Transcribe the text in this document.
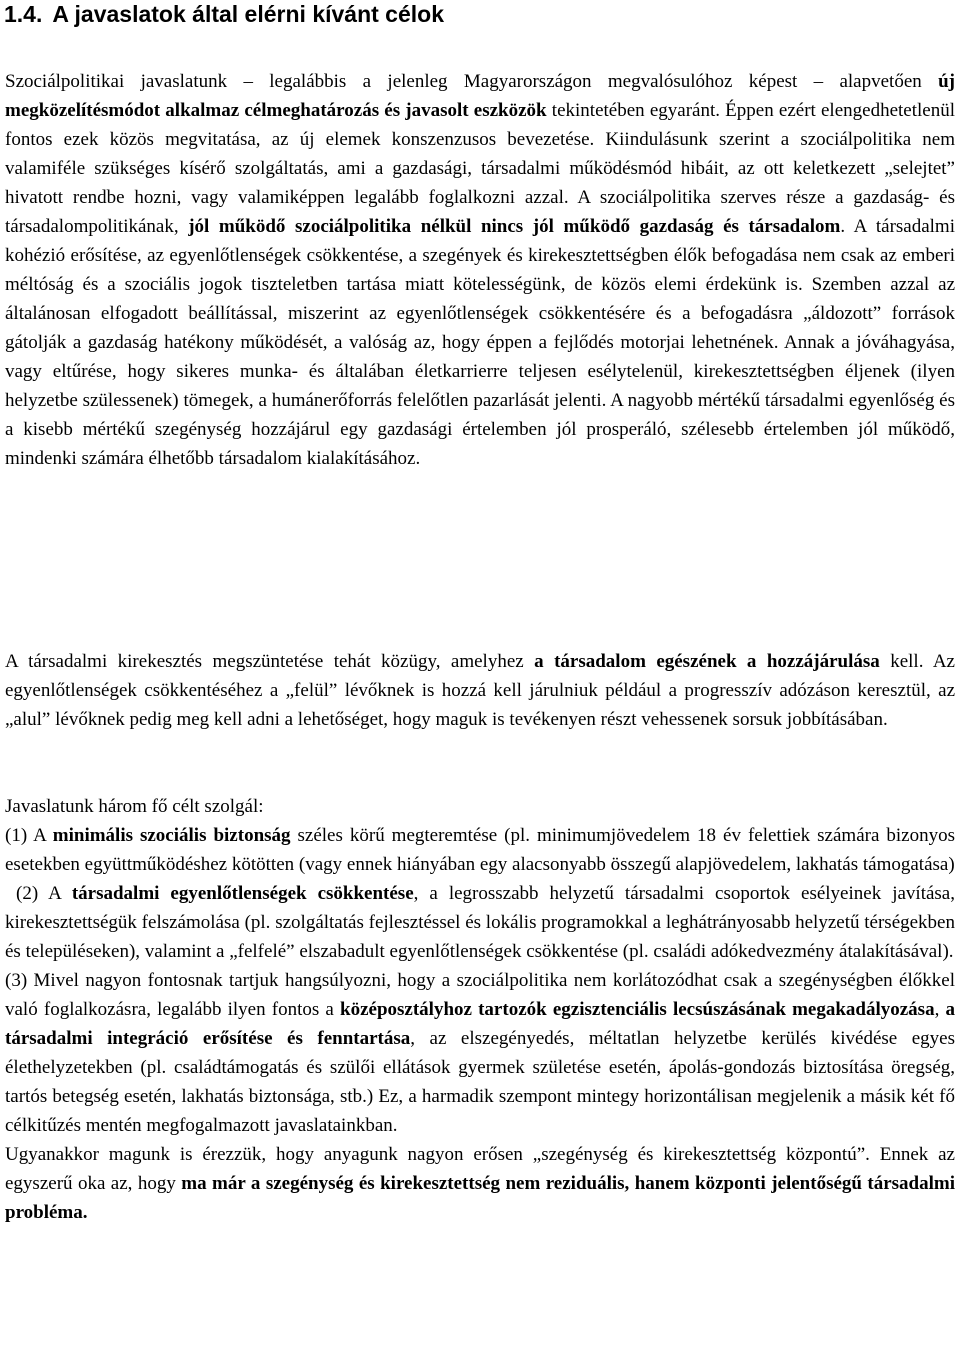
1.4. A javaslatok által elérni kívánt célok

Szociálpolitikai javaslatunk – legalábbis a jelenleg Magyarországon megvalósulóhoz képest – alapvetően új megközelítésmódot alkalmaz célmeghatározás és javasolt eszközök tekintetében egyaránt. Éppen ezért elengedhetetlenül fontos ezek közös megvitatása, az új elemek konszenzusos bevezetése. Kiindulásunk szerint a szociálpolitika nem valamiféle szükséges kísérő szolgáltatás, ami a gazdasági, társadalmi működésmód hibáit, az ott keletkezett „selejtet” hivatott rendbe hozni, vagy valamiképpen legalább foglalkozni azzal. A szociálpolitika szerves része a gazdaság- és társadalompolitikának, jól működő szociálpolitika nélkül nincs jól működő gazdaság és társadalom. A társadalmi kohézió erősítése, az egyenlőtlenségek csökkentése, a szegények és kirekesztettségben élők befogadása nem csak az emberi méltóság és a szociális jogok tiszteletben tartása miatt kötelességünk, de közös elemi érdekünk is. Szemben azzal az általánosan elfogadott beállítással, miszerint az egyenlőtlenségek csökkentésére és a befogadásra „áldozott” források gátolják a gazdaság hatékony működését, a valóság az, hogy éppen a fejlődés motorjai lehetnének. Annak a jóváhagyása, vagy eltűrése, hogy sikeres munka- és általában életkarrierre teljesen esélytelenül, kirekesztettségben éljenek (ilyen helyzetbe szülessenek) tömegek, a humánerőforrás felelőtlen pazarlását jelenti. A nagyobb mértékű társadalmi egyenlőség és a kisebb mértékű szegénység hozzájárul egy gazdasági értelemben jól prosperáló, szélesebb értelemben jól működő, mindenki számára élhetőbb társadalom kialakításához.

A társadalmi kirekesztés megszüntetése tehát közügy, amelyhez a társadalom egészének a hozzájárulása kell. Az egyenlőtlenségek csökkentéséhez a „felül” lévőknek is hozzá kell járulniuk például a progresszív adózáson keresztül, az „alul” lévőknek pedig meg kell adni a lehetőséget, hogy maguk is tevékenyen részt vehessenek sorsuk jobbításában.

Javaslatunk három fő célt szolgál:

(1) A minimális szociális biztonság széles körű megteremtése (pl. minimumjövedelem 18 év felettiek számára bizonyos esetekben együttműködéshez kötötten (vagy ennek hiányában egy alacsonyabb összegű alapjövedelem, lakhatás támogatása)

(2) A társadalmi egyenlőtlenségek csökkentése, a legrosszabb helyzetű társadalmi csoportok esélyeinek javítása, kirekesztettségük felszámolása (pl. szolgáltatás fejlesztéssel és lokális programokkal a leghátrányosabb helyzetű térségekben és településeken), valamint a „felfelé” elszabadult egyenlőtlenségek csökkentése (pl. családi adókedvezmény átalakításával).

(3) Mivel nagyon fontosnak tartjuk hangsúlyozni, hogy a szociálpolitika nem korlátozódhat csak a szegénységben élőkkel való foglalkozásra, legalább ilyen fontos a középosztályhoz tartozók egzisztenciális lecsúszásának megakadályozása, a társadalmi integráció erősítése és fenntartása, az elszegényedés, méltatlan helyzetbe kerülés kivédése egyes élethelyzetekben (pl. családtámogatás és szülői ellátások gyermek születése esetén, ápolás-gondozás biztosítása öregség, tartós betegség esetén, lakhatás biztonsága, stb.) Ez, a harmadik szempont mintegy horizontálisan megjelenik a másik két fő célkitűzés mentén megfogalmazott javaslatainkban.

Ugyanakkor magunk is érezzük, hogy anyagunk nagyon erősen „szegénység és kirekesztettség központú”. Ennek az egyszerű oka az, hogy ma már a szegénység és kirekesztettség nem reziduális, hanem központi jelentőségű társadalmi probléma.
